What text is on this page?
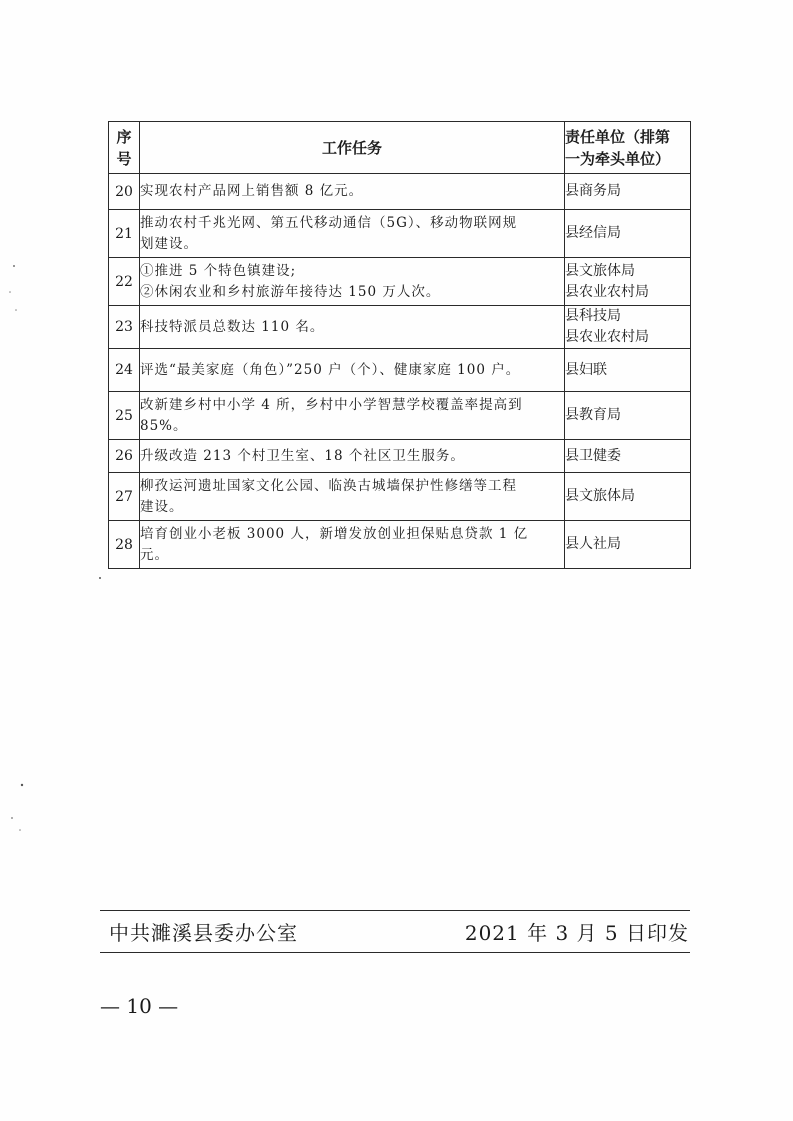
序
号	工作任务	责任单位（排第
一为牵头单位）

20	实现农村产品网上销售额 8 亿元。	县商务局

21	推动农村千兆光网、第五代移动通信（5G）、移动物联网规
划建设。	县经信局

22	①推进 5 个特色镇建设;
②休闲农业和乡村旅游年接待达 150 万人次。	县文旅体局
县农业农村局

23	科技特派员总数达 110 名。	县科技局
县农业农村局

24	评选“最美家庭（角色）”250 户（个）、健康家庭 100 户。	县妇联

25	改新建乡村中小学 4 所，乡村中小学智慧学校覆盖率提高到
85%。	县教育局

26	升级改造 213 个村卫生室、18 个社区卫生服务。	县卫健委

27	柳孜运河遗址国家文化公园、临涣古城墙保护性修缮等工程
建设。	县文旅体局

28	培育创业小老板 3000 人，新增发放创业担保贴息贷款 1 亿
元。	县人社局
中共濉溪县委办公室	2021 年 3 月 5 日印发
— 10 —
